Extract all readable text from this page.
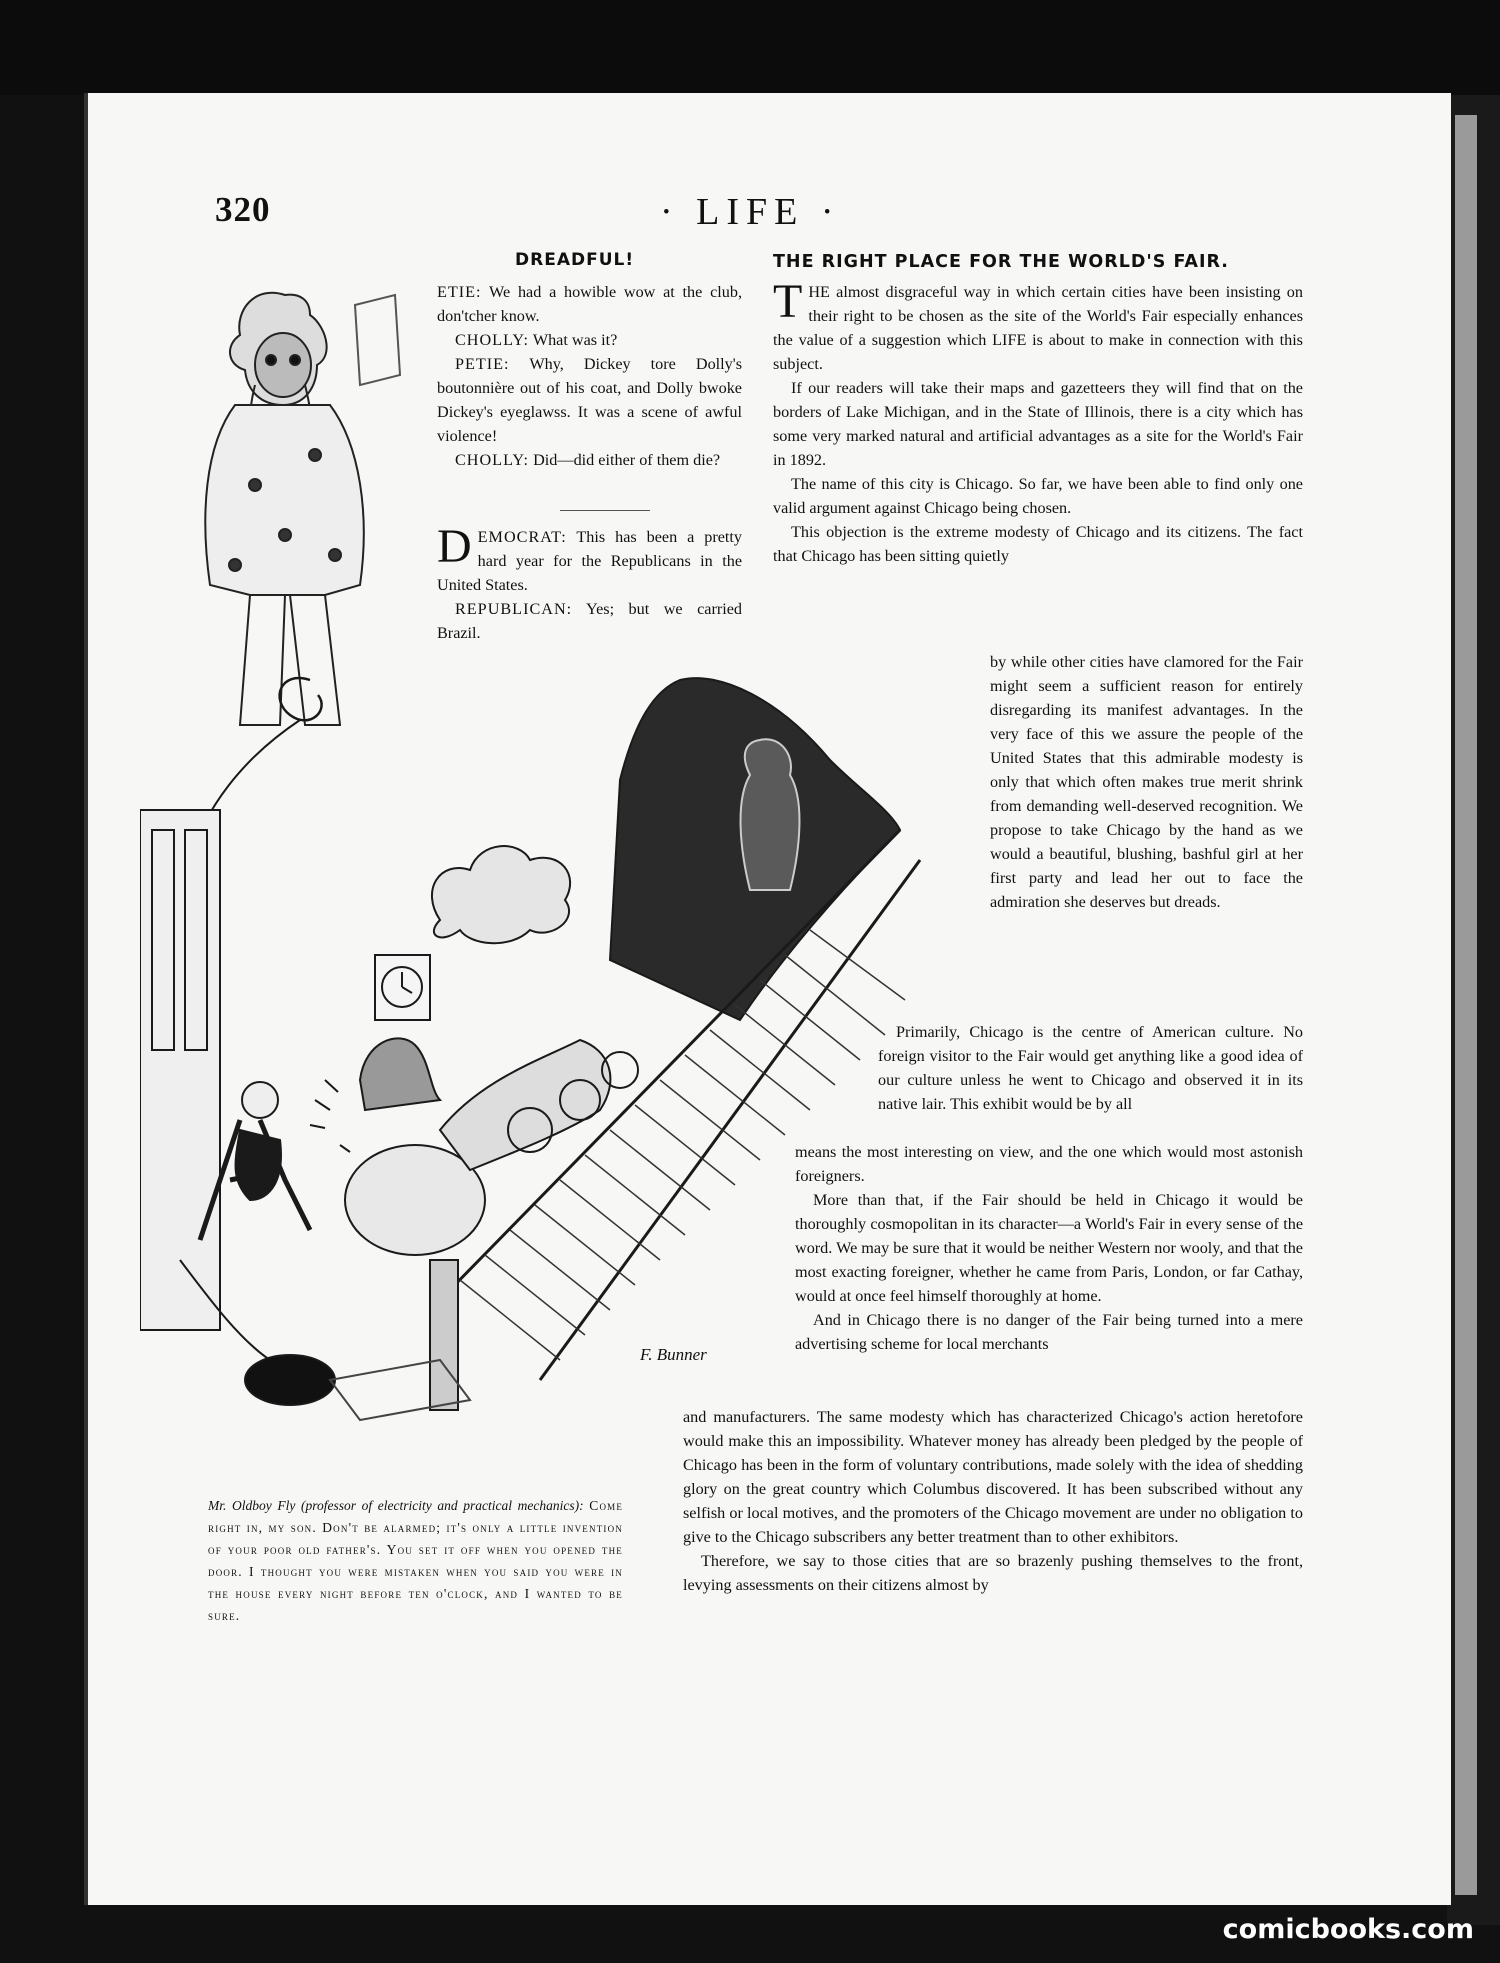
320	· LIFE ·
DREADFUL!

ETIE: We had a howible wow at the club, don'tcher know.

CHOLLY: What was it?

PETIE: Why, Dickey tore Dolly's boutonnière out of his coat, and Dolly bwoke Dickey's eyeglawss. It was a scene of awful violence!

CHOLLY: Did—did either of them die?

D EMOCRAT: This has been a pretty hard year for the Republicans in the United States.

REPUBLICAN: Yes; but we carried Brazil.

THE RIGHT PLACE FOR THE WORLD'S FAIR.

T HE almost disgraceful way in which certain cities have been insisting on their right to be chosen as the site of the World's Fair especially enhances the value of a suggestion which LIFE is about to make in connection with this subject.

If our readers will take their maps and gazetteers they will find that on the borders of Lake Michigan, and in the State of Illinois, there is a city which has some very marked natural and artificial advantages as a site for the World's Fair in 1892.

The name of this city is Chicago. So far, we have been able to find only one valid argument against Chicago being chosen.

This objection is the extreme modesty of Chicago and its citizens. The fact that Chicago has been sitting quietly

by while other cities have clamored for the Fair might seem a sufficient reason for entirely disregarding its manifest advantages. In the very face of this we assure the people of the United States that this admirable modesty is only that which often makes true merit shrink from demanding well-deserved recognition. We propose to take Chicago by the hand as we would a beautiful, blushing, bashful girl at her first party and lead her out to face the admiration she deserves but dreads.

Primarily, Chicago is the centre of American culture. No foreign visitor to the Fair would get anything like a good idea of our culture unless he went to Chicago and observed it in its native lair. This exhibit would be by all

means the most interesting on view, and the one which would most astonish foreigners.

More than that, if the Fair should be held in Chicago it would be thoroughly cosmopolitan in its character—a World's Fair in every sense of the word. We may be sure that it would be neither Western nor wooly, and that the most exacting foreigner, whether he came from Paris, London, or far Cathay, would at once feel himself thoroughly at home.

And in Chicago there is no danger of the Fair being turned into a mere advertising scheme for local merchants

and manufacturers. The same modesty which has characterized Chicago's action heretofore would make this an impossibility. Whatever money has already been pledged by the people of Chicago has been in the form of voluntary contributions, made solely with the idea of shedding glory on the great country which Columbus discovered. It has been subscribed without any selfish or local motives, and the promoters of the Chicago movement are under no obligation to give to the Chicago subscribers any better treatment than to other exhibitors.

Therefore, we say to those cities that are so brazenly pushing themselves to the front, levying assessments on their citizens almost by

F. Bunner
Mr. Oldboy Fly (professor of electricity and practical mechanics): Come right in, my son. Don't be alarmed; it's only a little invention of your poor old father's. You set it off when you opened the door. I thought you were mistaken when you said you were in the house every night before ten o'clock, and I wanted to be sure.
comicbooks.com
